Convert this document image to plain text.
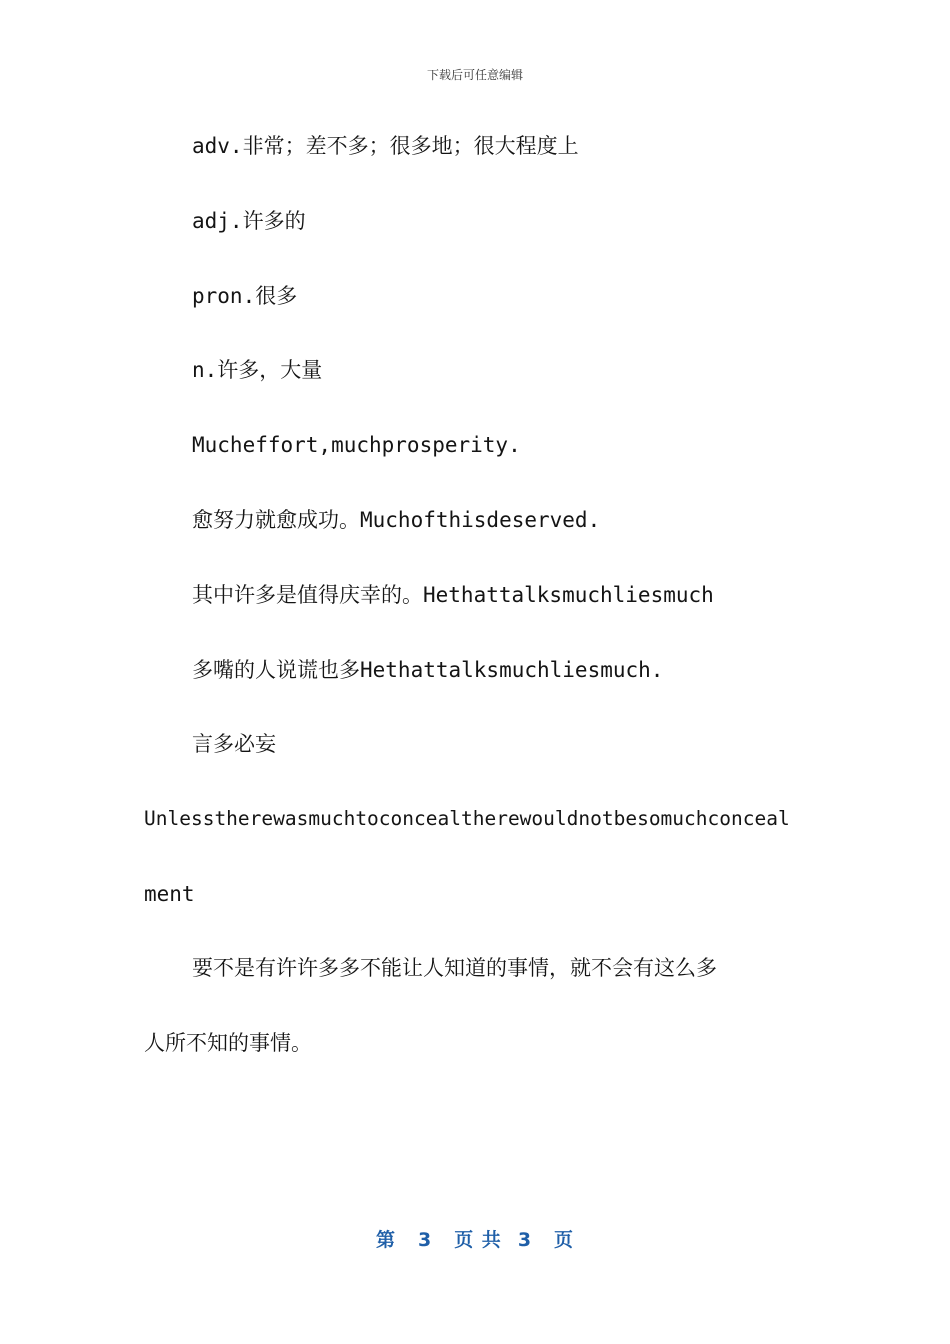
下载后可任意编辑
adv.非常；差不多；很多地；很大程度上
adj.许多的
pron.很多
n.许多，大量
Mucheffort,muchprosperity.
愈努力就愈成功。Muchofthisdeserved.
其中许多是值得庆幸的。Hethattalksmuchliesmuch
多嘴的人说谎也多Hethattalksmuchliesmuch.
言多必妄
Unlesstherewasmuchtoconcealtherewouldnotbesomuchconceal
ment
要不是有许许多多不能让人知道的事情，就不会有这么多
人所不知的事情。
第 3 页 共 3 页
